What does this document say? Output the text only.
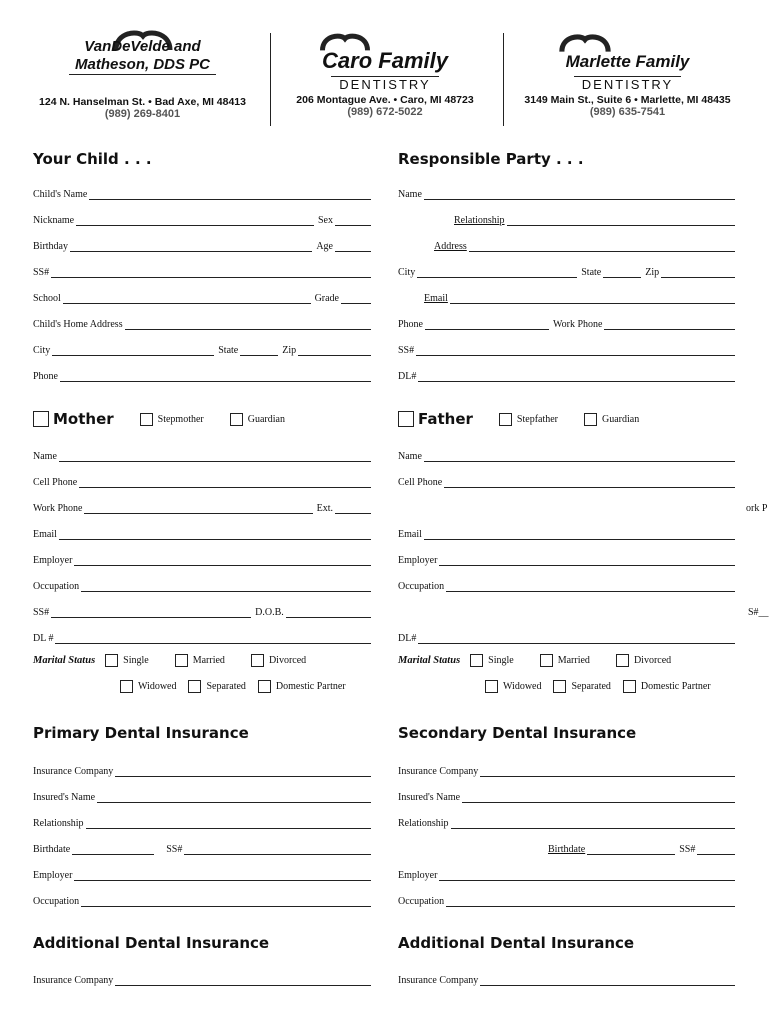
VanDeVelde and
Matheson, DDS PC
124 N. Hanselman St. • Bad Axe, MI 48413
(989) 269-8401
Caro Family
DENTISTRY
206 Montague Ave. • Caro, MI 48723
(989) 672-5022
Marlette Family
DENTISTRY
3149 Main St., Suite 6 • Marlette, MI 48435
(989) 635-7541
Your Child . . .
Child's Name
Nickname	Sex
Birthday	Age
SS#
School	Grade
Child's Home Address
City	State	Zip
Phone
Responsible Party . . .
Name
Relationship
Address
City	State	Zip
Email
Phone	Work Phone
SS#
DL#
Mother	Stepmother	Guardian
Name
Cell Phone
Work Phone	Ext.
Email
Employer
Occupation
SS#	D.O.B.
DL #
Marital Status	Single	Married	Divorced
Widowed	Separated	Domestic Partner
Father	Stepfather	Guardian
Name
Cell Phone
ork P
Email
Employer
Occupation
S#__
DL#
Marital Status	Single	Married	Divorced
Widowed	Separated	Domestic Partner
Primary Dental Insurance
Insurance Company
Insured's Name
Relationship
Birthdate	SS#
Employer
Occupation
Secondary Dental Insurance
Insurance Company
Insured's Name
Relationship
Birthdate	SS#
Employer
Occupation
Additional Dental Insurance
Insurance Company
Additional Dental Insurance
Insurance Company
